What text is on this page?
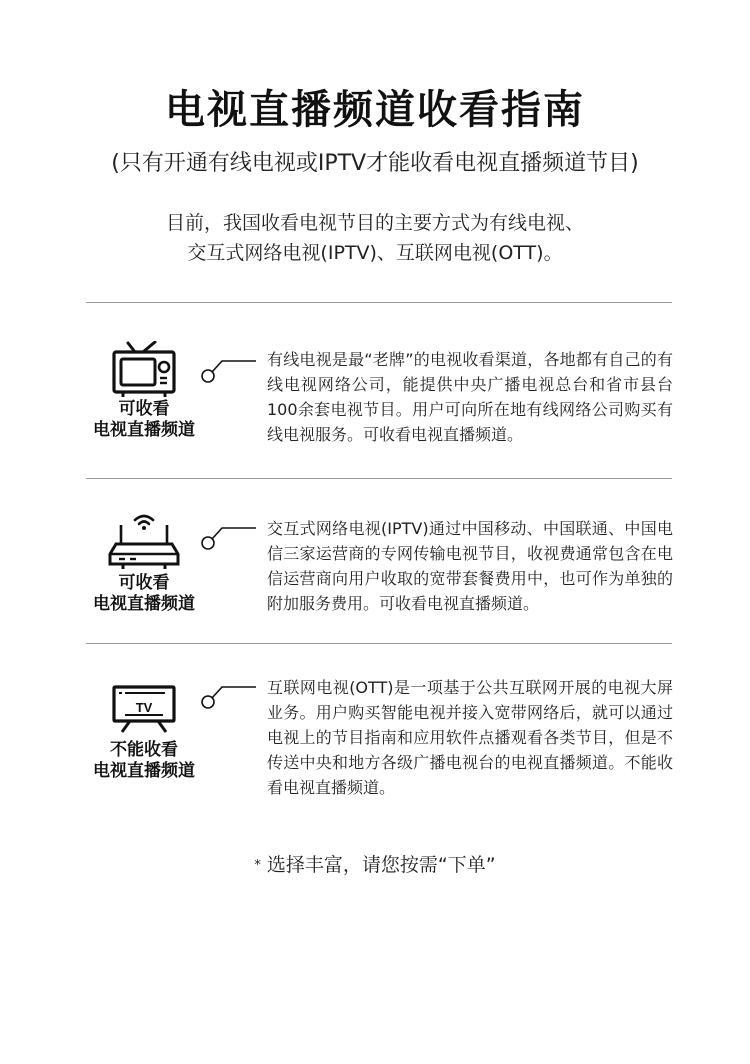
电视直播频道收看指南
(只有开通有线电视或IPTV才能收看电视直播频道节目)
目前，我国收看电视节目的主要方式为有线电视、
交互式网络电视(IPTV)、互联网电视(OTT)。
可收看
电视直播频道
有线电视是最“老牌”的电视收看渠道，各地都有自己的有线电视网络公司，能提供中央广播电视总台和省市县台100余套电视节目。用户可向所在地有线网络公司购买有线电视服务。可收看电视直播频道。
可收看
电视直播频道
交互式网络电视(IPTV)通过中国移动、中国联通、中国电信三家运营商的专网传输电视节目，收视费通常包含在电信运营商向用户收取的宽带套餐费用中，也可作为单独的附加服务费用。可收看电视直播频道。
TV
不能收看
电视直播频道
互联网电视(OTT)是一项基于公共互联网开展的电视大屏业务。用户购买智能电视并接入宽带网络后，就可以通过电视上的节目指南和应用软件点播观看各类节目，但是不传送中央和地方各级广播电视台的电视直播频道。不能收看电视直播频道。
* 选择丰富，请您按需“下单”
